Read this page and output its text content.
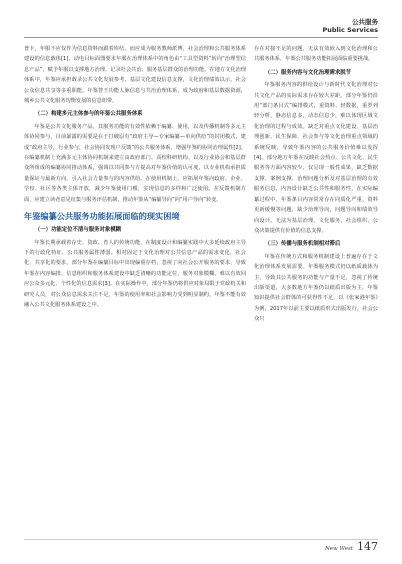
公共服务
Public Services

普卡，年服不应仅作为信息资料而跟着库结。而应成为服务教师派博，社会治理和公共服务体系建设的信息载体[1]，动电目标面图要求年服在治理体系中的角色由“工具型资料”转向“治理型信息产品”，赋予年服以支撑地方治理、记录社会共治、服务基层群众的治理功能。在地方文化治理体系中，年鉴应承担载录公共文化发展参考，基层文化建设信息支撑，文化治理绩效以示，社会公众信息共享等多重职能。年鉴替王功能人脉信息与共治治理体系，成为政府和基层数据资源，城乡公共文化服务均衡发展的信息纽带。

（二）构建多元主体参与的年鉴公共服务体系

年鉴是公共文化服务产品，其服务功能的有效性依赖于编纂、使用，以及传播机制等多元主体协同参与。目前暴露的需要是在于打破原有“政府主导—专家编纂—单向供给”的封闭模式，建成“政府主导，行业参与，社会协同发现户反馈”的公共服务体系，增强年鉴的协同治理属性[2]。在编纂机制上充满多元主体协同机制来建立由政府部门、高校科研机构、以及行业协会和基层群众所组成的编纂协同推动体系，强调以共同参与方提高对年鉴价值的认可度，以专业机构承担质量保证与最新方向，引入社会力量参与的内容供给。在使用机制上，应拓展年鉴向政府、企业、学校、社区等各类主体开放，减少年鉴使用门槛，实现信息的多样和广泛使用。在反馈机制方面，应建立读者意见征集与服务评估机制，推动年鉴从“编纂导向”向“用户导向”转变。

年鉴编纂公共服务功能拓展面临的现实困境
（一）功能定位不清与服务对象模糊

年鉴长期承载着存史、资政、育人的传统功能，在制度设计和编纂实践中大多延续政府主导下的行政化特征，公共服务属性薄弱。相对固定于文化治理对公共信息产品的需求变化，社会化、共享化的要求，部分年鉴在编纂目标中出现偏重存档、忽视了向社会公开服务的要求，导致年鉴在内容编排、信息组织和服务体系建设中缺乏清晰的功能定位，服务对象模糊，难以有效回应公众多元化、个性化的信息需求[3]。在实际操作中，部分年鉴仍将供应对象局限于党政机关和研究人员，对公众信息需求关注不足，年鉴的使用率和社会影响力受到明显制约，年鉴不能有效融入公共文化服务体系建设之中。

存在对接不足的问题，无法有效嵌入到文化治理和公共服务体系，年鉴公共服务功能拓展面临重要挑战。

（二）服务内容与文化治理需求脱节

年鉴服务内容的供给设计与新时代文化治理对公共文化产品的实际需求存在较大差距。部分年鉴仍沿用“部门条目式”编排模式，重资料、轻数据，重罗列轻分析，静态信息多，动态信息少，难以体现区域文化治理的过程与成效。缺乏对重点文化建设、基层治理创新、民生保障、社会参与等文化治理重点领域的系统反映，导致年鉴内容的公共服务价值难以发挥[4]。部分地方年鉴在反映社会热点、公共文化、民生服务等方面内容较少，仅呈现一般性成果，缺乏数据支撑、案例支撑、治理问题分析及对基层治理的有效服务信息，内容设计缺乏公共性和服务性。在实际编纂过程中，年鉴条目内容常常存在同质化严重、资料更新缓慢等问题，缺少治理导向，问题导向和绩效导向设计，无法为基层治理、文化服务、社会组织、公众决策提供有价值的信息支撑。

（三）传播与服务机制相对滞后

年鉴在传统方式和服务机制建设上普遍存在于文化治理体系发展需要。年鉴服务模式仍以纸质载体为主，导致其公共服务的功能与产量不足，忽视了传统出版渠道，大多数地方年鉴仍以纸质出版为主，年鉴知识提供社会群体的可获得性不足，以《张家港年鉴》为例，2017年以前主要以纸质形式出版发行，社会公众只

New West 147
